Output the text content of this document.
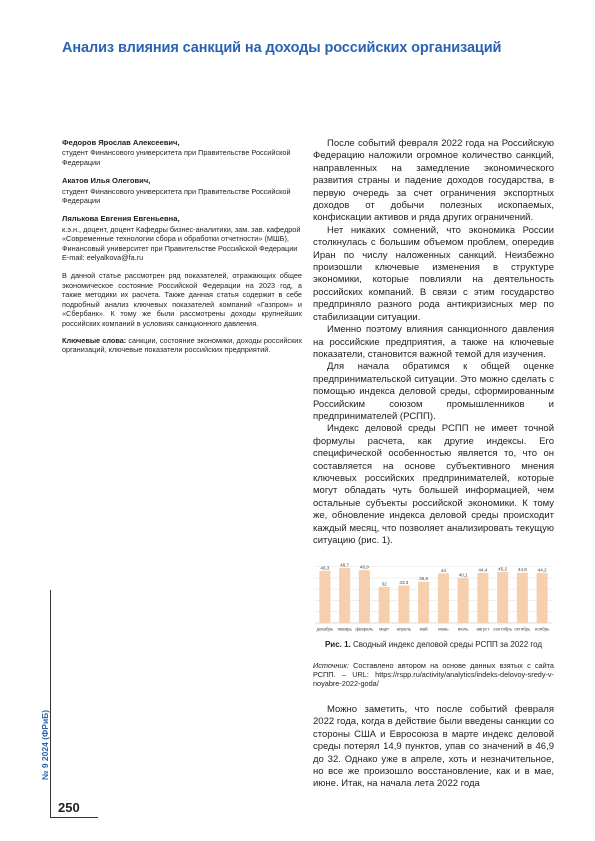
Анализ влияния санкций на доходы российских организаций
Федоров Ярослав Алексеевич,
студент Финансового университета при Правительстве Российской Федерации
Акатов Илья Олегович,
студент Финансового университета при Правительстве Российской Федерации
Лялькова Евгения Евгеньевна,
к.э.н., доцент, доцент Кафедры бизнес-аналитики, зам. зав. кафедрой «Современные технологии сбора и обработки отчетности» (МШБ), Финансовый университет при Правительстве Российской Федерации
E-mail: eelyalkova@fa.ru
В данной статье рассмотрен ряд показателей, отражающих общее экономическое состояние Российской Федерации на 2023 год, а также методики их расчета. Также данная статья содержит в себе подробный анализ ключевых показателей компаний «Газпром» и «Сбербанк». К тому же были рассмотрены доходы крупнейших российских компаний в условиях санкционного давления.
Ключевые слова: санкции, состояние экономики, доходы российских организаций, ключевые показатели российских предприятий.

После событий февраля 2022 года на Российскую Федерацию наложили огромное количество санкций, направленных на замедление экономического развития страны и падение доходов государства, в первую очередь за счет ограничения экспортных доходов от добычи полезных ископаемых, конфискации активов и ряда других ограничений.

Нет никаких сомнений, что экономика России столкнулась с большим объемом проблем, опередив Иран по числу наложенных санкций. Неизбежно произошли ключевые изменения в структуре экономики, которые повлияли на деятельность российских компаний. В связи с этим государство предприняло разного рода антикризисных мер по стабилизации ситуации.

Именно поэтому влияния санкционного давления на российские предприятия, а также на ключевые показатели, становится важной темой для изучения.

Для начала обратимся к общей оценке предпринимательской ситуации. Это можно сделать с помощью индекса деловой среды, сформированным Российским союзом промышленников и предпринимателей (РСПП).

Индекс деловой среды РСПП не имеет точной формулы расчета, как другие индексы. Его специфической особенностью является то, что он составляется на основе субъективного мнения ключевых российских предпринимателей, которые могут обладать чуть большей информацией, чем остальные субъекты российской экономики. К тому же, обновление индекса деловой среды происходит каждый месяц, что позволяет анализировать текущую ситуацию (рис. 1).

46,3
декабрь
48,7
январь
46,9
февраль
32
март
33,3
апрель
36,6
май
44
июнь
40,1
июль
44,4
август
45,2
сентябрь
44,6
октябрь
44,2
ноябрь
Рис. 1. Сводный индекс деловой среды РСПП за 2022 год
Источник: Составлено автором на основе данных взятых с сайта РСПП. – URL: https://rspp.ru/activity/analytics/indeks-delovoy-sredy-v-noyabre-2022-goda/

Можно заметить, что после событий февраля 2022 года, когда в действие были введены санкции со стороны США и Евросоюза в марте индекс деловой среды потерял 14,9 пунктов, упав со значений в 46,9 до 32. Однако уже в апреле, хоть и незначительное, но все же произошло восстановление, как и в мае, июне. Итак, на начала лета 2022 года

№ 9 2024 (ФРиБ)
250
